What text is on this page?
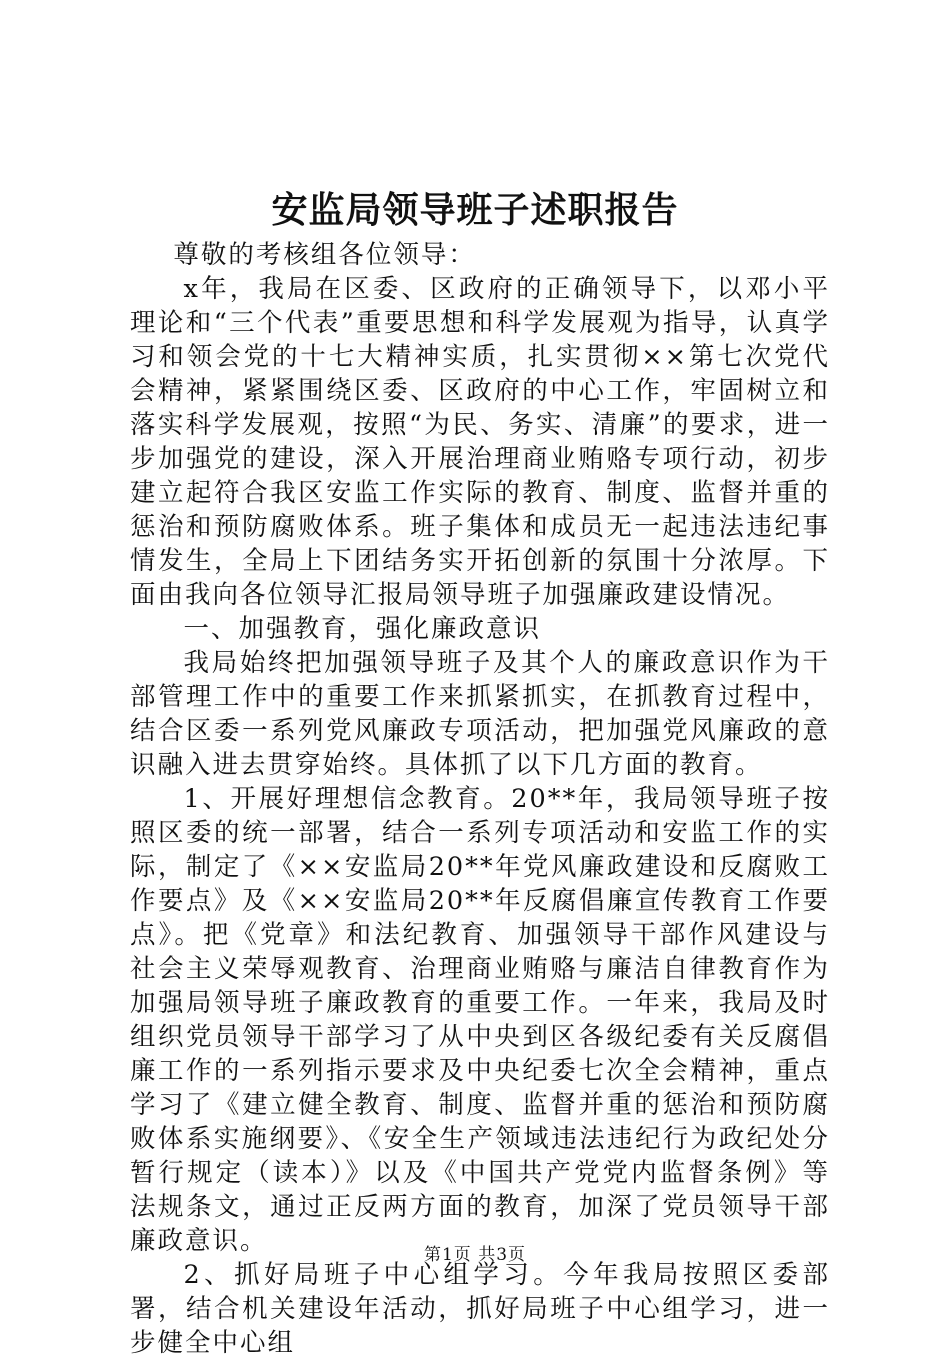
安监局领导班子述职报告

尊敬的考核组各位领导：

x年，我局在区委、区政府的正确领导下，以邓小平理论和“三个代表”重要思想和科学发展观为指导，认真学习和领会党的十七大精神实质，扎实贯彻××第七次党代会精神，紧紧围绕区委、区政府的中心工作，牢固树立和落实科学发展观，按照“为民、务实、清廉”的要求，进一步加强党的建设，深入开展治理商业贿赂专项行动，初步建立起符合我区安监工作实际的教育、制度、监督并重的惩治和预防腐败体系。班子集体和成员无一起违法违纪事情发生，全局上下团结务实开拓创新的氛围十分浓厚。下面由我向各位领导汇报局领导班子加强廉政建设情况。

一、加强教育，强化廉政意识

我局始终把加强领导班子及其个人的廉政意识作为干部管理工作中的重要工作来抓紧抓实，在抓教育过程中，结合区委一系列党风廉政专项活动，把加强党风廉政的意识融入进去贯穿始终。具体抓了以下几方面的教育。

1、开展好理想信念教育。20**年，我局领导班子按照区委的统一部署，结合一系列专项活动和安监工作的实际，制定了《××安监局20**年党风廉政建设和反腐败工作要点》及《××安监局20**年反腐倡廉宣传教育工作要点》。把《党章》和法纪教育、加强领导干部作风建设与社会主义荣辱观教育、治理商业贿赂与廉洁自律教育作为加强局领导班子廉政教育的重要工作。一年来，我局及时组织党员领导干部学习了从中央到区各级纪委有关反腐倡廉工作的一系列指示要求及中央纪委七次全会精神，重点学习了《建立健全教育、制度、监督并重的惩治和预防腐败体系实施纲要》、《安全生产领域违法违纪行为政纪处分暂行规定（读本）》以及《中国共产党党内监督条例》等法规条文，通过正反两方面的教育，加深了党员领导干部廉政意识。

2、抓好局班子中心组学习。今年我局按照区委部署，结合机关建设年活动，抓好局班子中心组学习，进一步健全中心组

第1页 共3页
